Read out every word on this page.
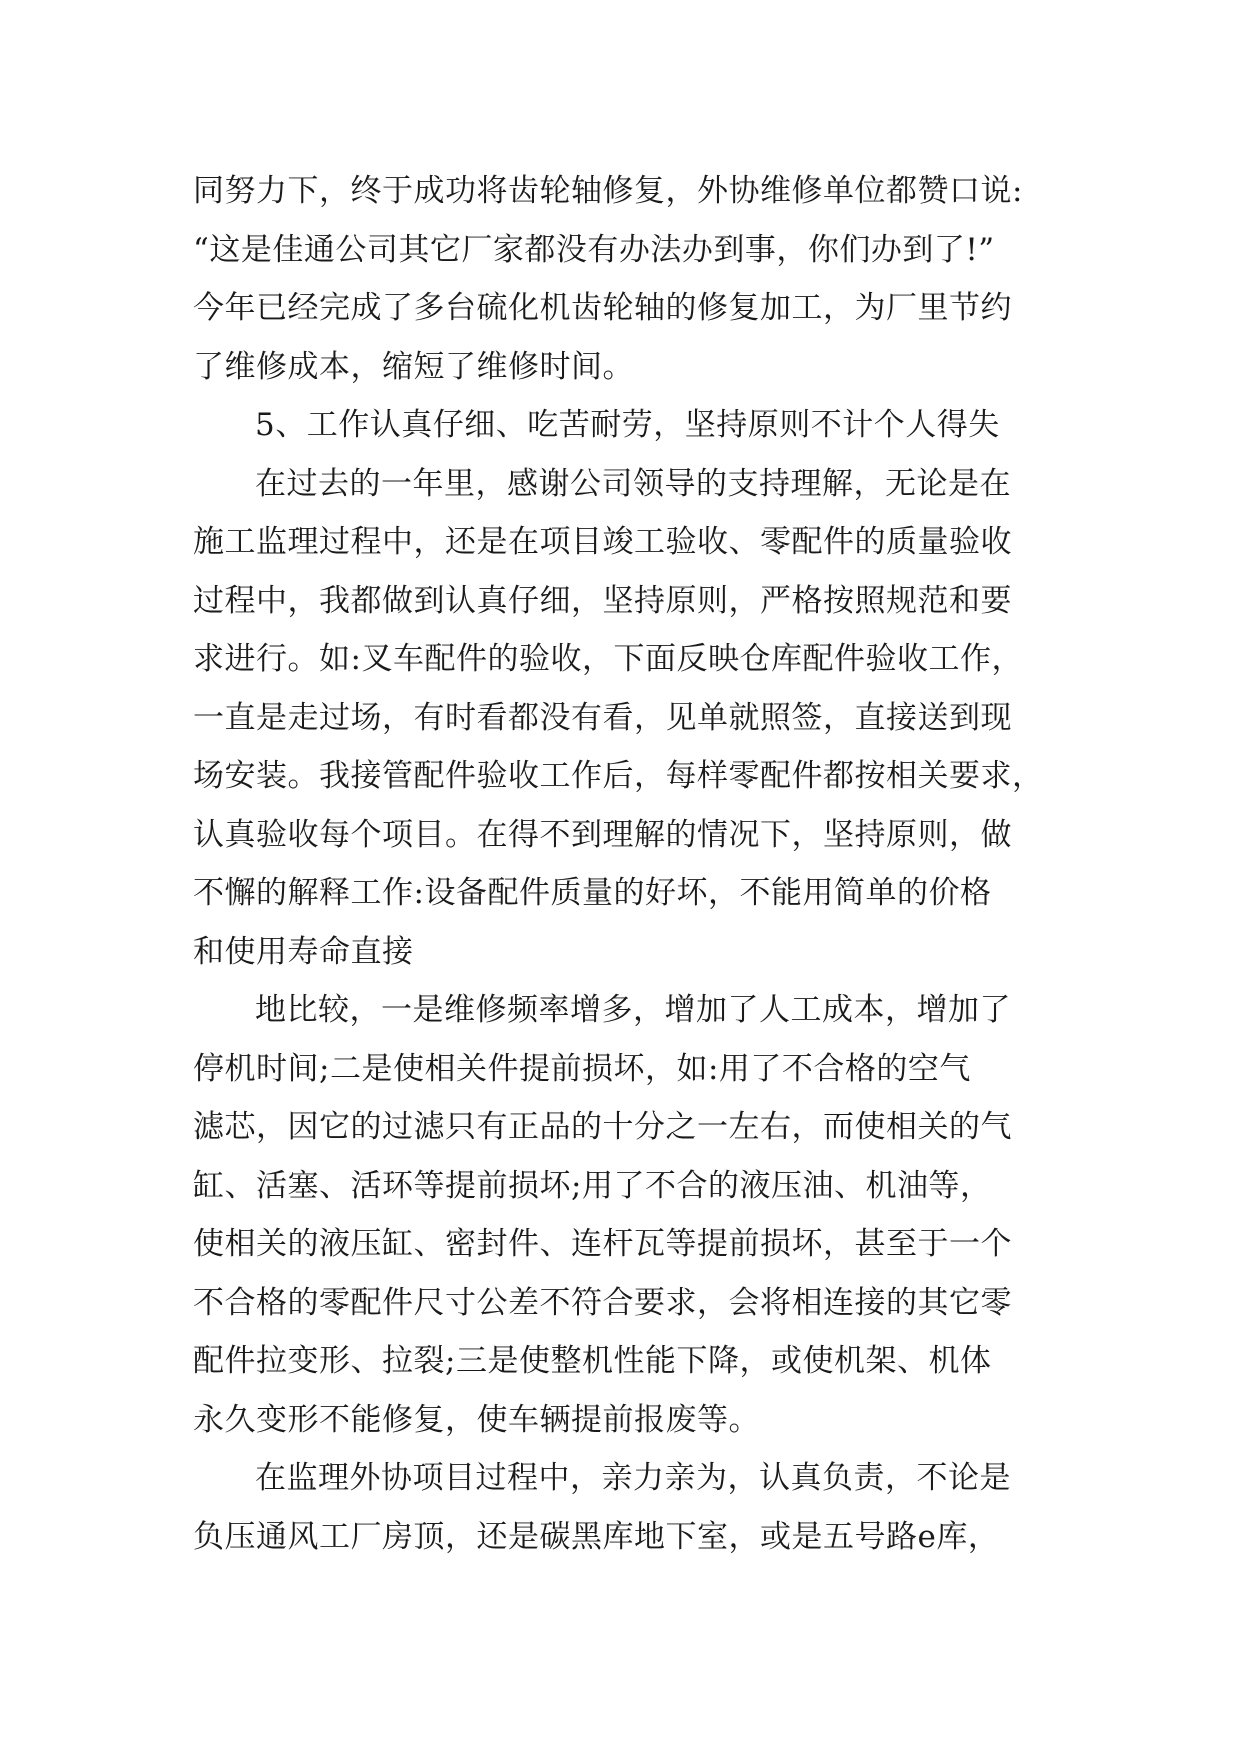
同努力下，终于成功将齿轮轴修复，外协维修单位都赞口说:
“这是佳通公司其它厂家都没有办法办到事，你们办到了!”
今年已经完成了多台硫化机齿轮轴的修复加工，为厂里节约
了维修成本，缩短了维修时间。
5、工作认真仔细、吃苦耐劳，坚持原则不计个人得失
在过去的一年里，感谢公司领导的支持理解，无论是在
施工监理过程中，还是在项目竣工验收、零配件的质量验收
过程中，我都做到认真仔细，坚持原则，严格按照规范和要
求进行。如:叉车配件的验收，下面反映仓库配件验收工作，
一直是走过场，有时看都没有看，见单就照签，直接送到现
场安装。我接管配件验收工作后，每样零配件都按相关要求，
认真验收每个项目。在得不到理解的情况下，坚持原则，做
不懈的解释工作:设备配件质量的好坏，不能用简单的价格
和使用寿命直接
地比较，一是维修频率增多，增加了人工成本，增加了
停机时间;二是使相关件提前损坏，如:用了不合格的空气
滤芯，因它的过滤只有正品的十分之一左右，而使相关的气
缸、活塞、活环等提前损坏;用了不合的液压油、机油等，
使相关的液压缸、密封件、连杆瓦等提前损坏，甚至于一个
不合格的零配件尺寸公差不符合要求，会将相连接的其它零
配件拉变形、拉裂;三是使整机性能下降，或使机架、机体
永久变形不能修复，使车辆提前报废等。
在监理外协项目过程中，亲力亲为，认真负责，不论是
负压通风工厂房顶，还是碳黑库地下室，或是五号路e库，
